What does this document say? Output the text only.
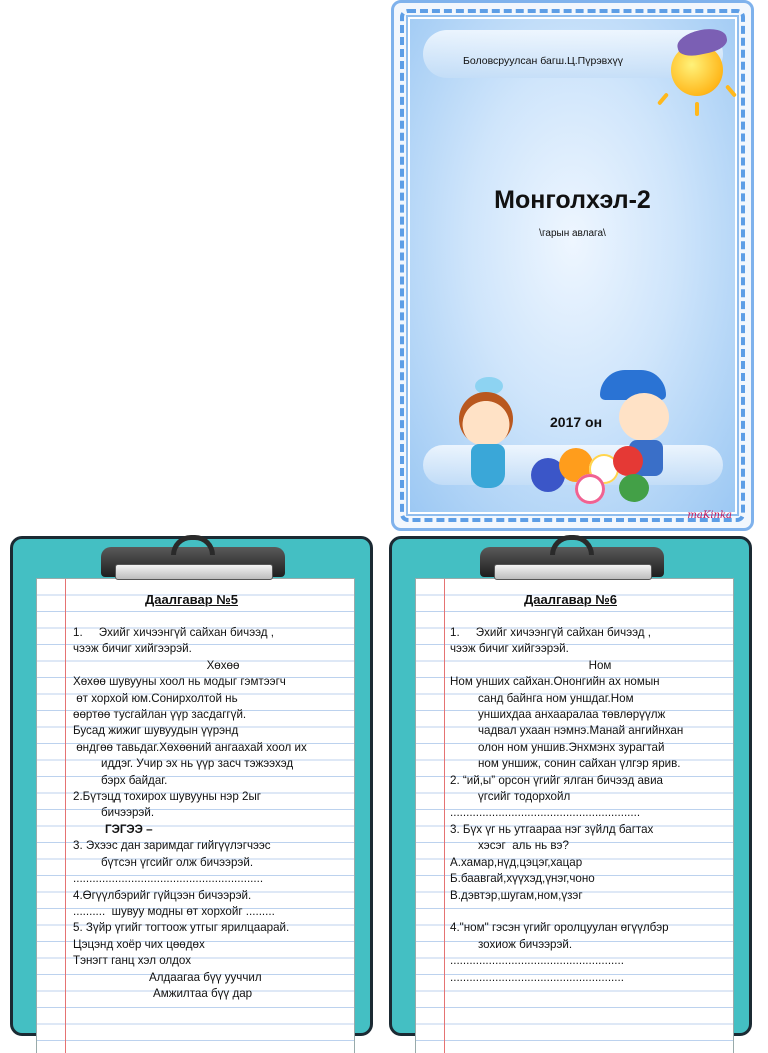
Боловсруулсан багш.Ц.Пүрэвхүү
Монголхэл-2
\гарын авлага\
2017 он
maKinka
Даалгавар №5
1.     Эхийг хичээнгүй сайхан бичээд ,
чээж бичиг хийгээрэй.
Хөхөө
Хөхөө шувууны хоол нь модыг гэмтээгч
өт хорхой юм.Сонирхолтой нь
өөртөө тусгайлан үүр засдаггүй.
Бусад жижиг шувуудын үүрэнд
өндгөө тавьдаг.Хөхөөний ангаахай хоол их
иддэг. Учир эх нь үүр засч тэжээхэд
бэрх байдаг.
2.Бүтэцд тохирох шувууны нэр 2ыг
бичээрэй.
ГЭГЭЭ –
3. Эхээс дан заримдаг гийгүүлэгчээс
бүтсэн үгсийг олж бичээрэй.
...........................................................
4.Өгүүлбэрийг гүйцээн бичээрэй.
..........  шувуу модны өт хорхойг .........
5. Зүйр үгийг тогтоож утгыг ярилцаарай.
Цэцэнд хоёр чих цөөдөх
Тэнэгт ганц хэл олдох
Алдаагаа бүү ууччил
Амжилтаа бүү дар
Даалгавар №6
1.     Эхийг хичээнгүй сайхан бичээд ,
чээж бичиг хийгээрэй.
Ном
Ном унших сайхан.Ононгийн ах номын
санд байнга ном уншдаг.Ном
уншихдаа анхааралаа төвлөрүүлж
чадвал ухаан нэмнэ.Манай ангийнхан
олон ном уншив.Энхмэнх зурагтай
ном уншиж, сонин сайхан үлгэр ярив.
2. “ий,ы” орсон үгийг ялган бичээд авиа
үгсийг тодорхойл
...........................................................
3. Бүх үг нь утгаараа нэг зүйлд багтах
хэсэг  аль нь вэ?
А.хамар,нүд,цэцэг,хацар
Б.баавгай,хүүхэд,үнэг,чоно
В.дэвтэр,шугам,ном,үзэг

4."ном" гэсэн үгийг оролцуулан өгүүлбэр
зохиож бичээрэй.
......................................................
......................................................
